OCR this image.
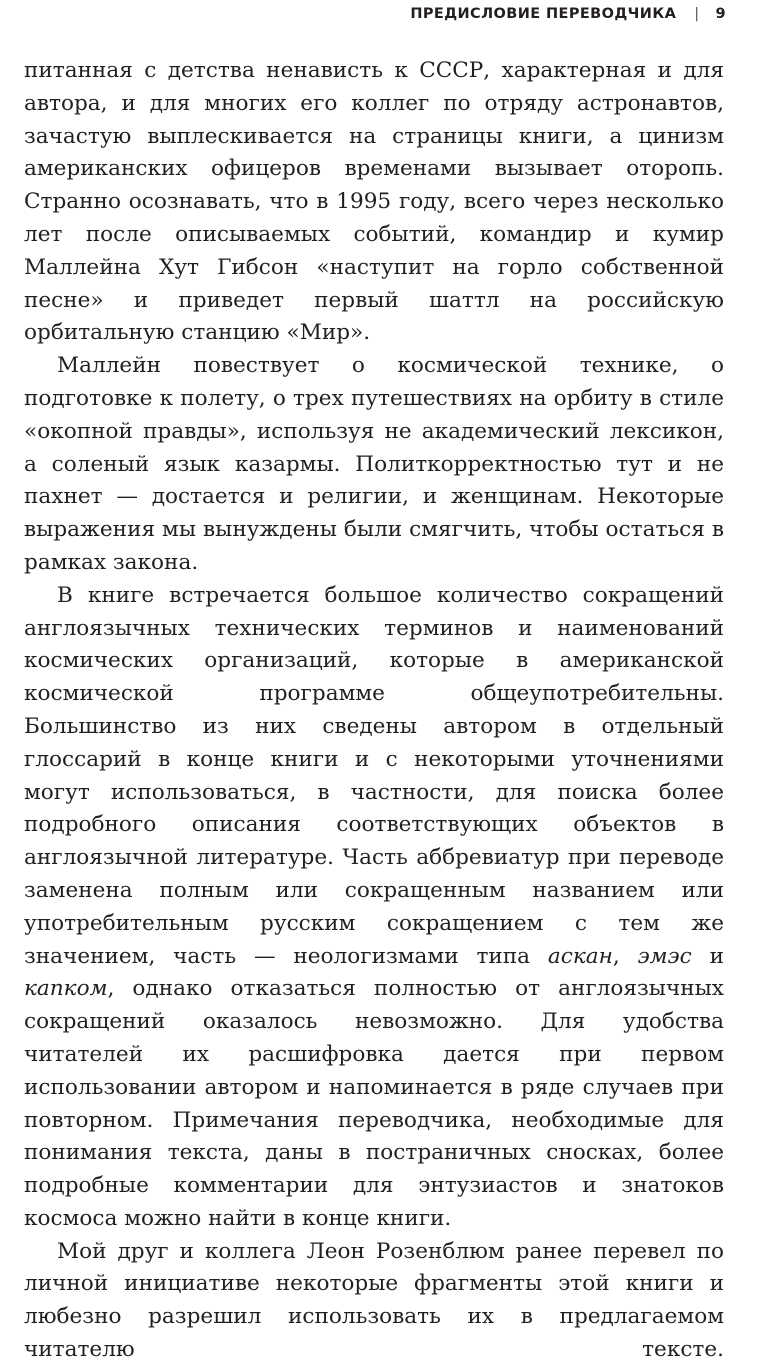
ПРЕДИСЛОВИЕ ПЕРЕВОДЧИКА | 9

питанная с детства ненависть к СССР, характерная и для автора, и для многих его коллег по отряду астронавтов, зачастую выплескивается на страницы книги, а цинизм американских офицеров временами вызывает оторопь. Странно осознавать, что в 1995 году, всего через несколько лет после описываемых событий, командир и кумир Маллейна Хут Гибсон «наступит на горло собственной песне» и приведет первый шаттл на российскую орбитальную станцию «Мир».

Маллейн повествует о космической технике, о подготовке к полету, о трех путешествиях на орбиту в стиле «окопной правды», используя не академический лексикон, а соленый язык казармы. Политкорректностью тут и не пахнет — достается и религии, и женщинам. Некоторые выражения мы вынуждены были смягчить, чтобы остаться в рамках закона.

В книге встречается большое количество сокращений англоязычных технических терминов и наименований космических организаций, которые в американской космической программе общеупотребительны. Большинство из них сведены автором в отдельный глоссарий в конце книги и с некоторыми уточнениями могут использоваться, в частности, для поиска более подробного описания соответствующих объектов в англоязычной литературе. Часть аббревиатур при переводе заменена полным или сокращенным названием или употребительным русским сокращением с тем же значением, часть — неологизмами типа аскан, эмэс и капком, однако отказаться полностью от англоязычных сокращений оказалось невозможно. Для удобства читателей их расшифровка дается при первом использовании автором и напоминается в ряде случаев при повторном. Примечания переводчика, необходимые для понимания текста, даны в постраничных сносках, более подробные комментарии для энтузиастов и знатоков космоса можно найти в конце книги.

Мой друг и коллега Леон Розенблюм ранее перевел по личной инициативе некоторые фрагменты этой книги и любезно разрешил использовать их в предлагаемом читателю тексте.
